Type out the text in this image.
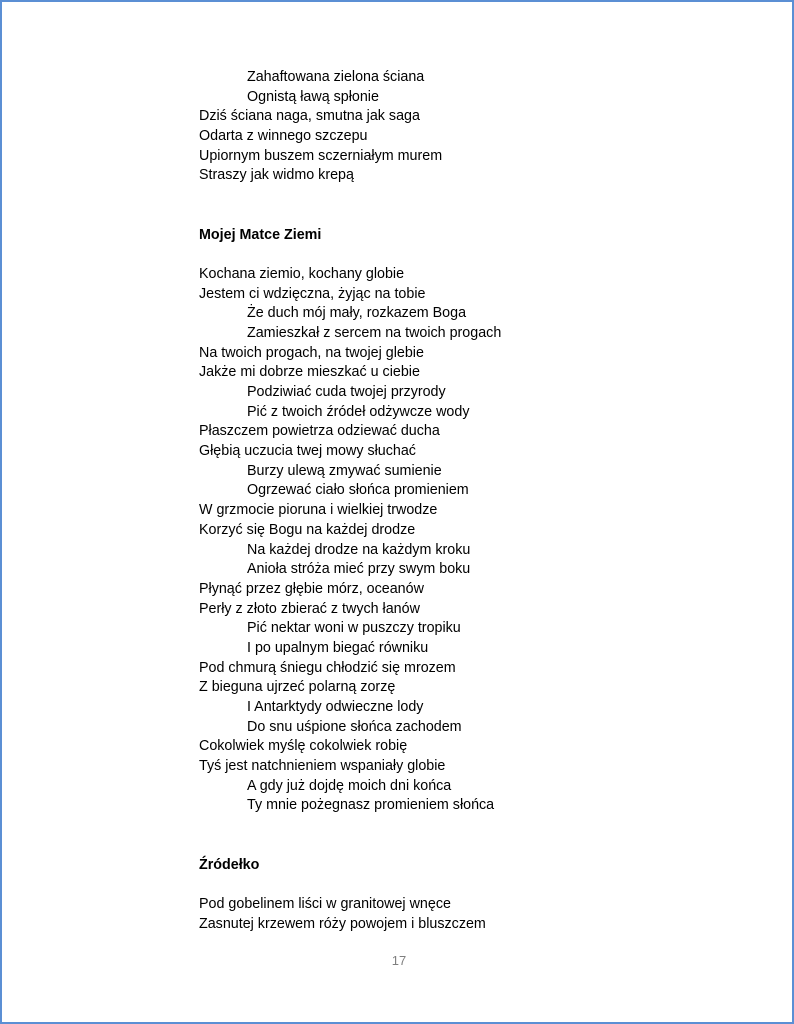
Zahaftowana zielona ściana
Ognistą ławą spłonie
Dziś ściana naga, smutna jak saga
Odarta z winnego szczepu
Upiornym buszem sczerniałym murem
Straszy jak widmo krepą
Mojej Matce Ziemi
Kochana ziemio, kochany globie
Jestem ci wdzięczna, żyjąc na tobie
Że duch mój mały, rozkazem Boga
Zamieszkał z sercem na twoich progach
Na twoich progach, na twojej glebie
Jakże mi dobrze mieszkać u ciebie
Podziwiać cuda twojej przyrody
Pić z twoich źródeł odżywcze wody
Płaszczem powietrza odziewać ducha
Głębią uczucia twej mowy słuchać
Burzy ulewą zmywać sumienie
Ogrzewać ciało słońca promieniem
W grzmocie pioruna i wielkiej trwodze
Korzyć się Bogu na każdej drodze
Na każdej drodze na każdym kroku
Anioła stróża mieć przy swym boku
Płynąć przez głębie mórz, oceanów
Perły z złoto zbierać z twych łanów
Pić nektar woni w puszczy tropiku
I po upalnym biegać równiku
Pod chmurą śniegu chłodzić się mrozem
Z bieguna ujrzeć polarną zorzę
I Antarktydy odwieczne lody
Do snu uśpione słońca zachodem
Cokolwiek myślę cokolwiek robię
Tyś jest natchnieniem wspaniały globie
A gdy już dojdę moich dni końca
Ty mnie pożegnasz promieniem słońca
Źródełko
Pod gobelinem liści w granitowej wnęce
Zasnutej krzewem róży powojem i bluszczem
17
